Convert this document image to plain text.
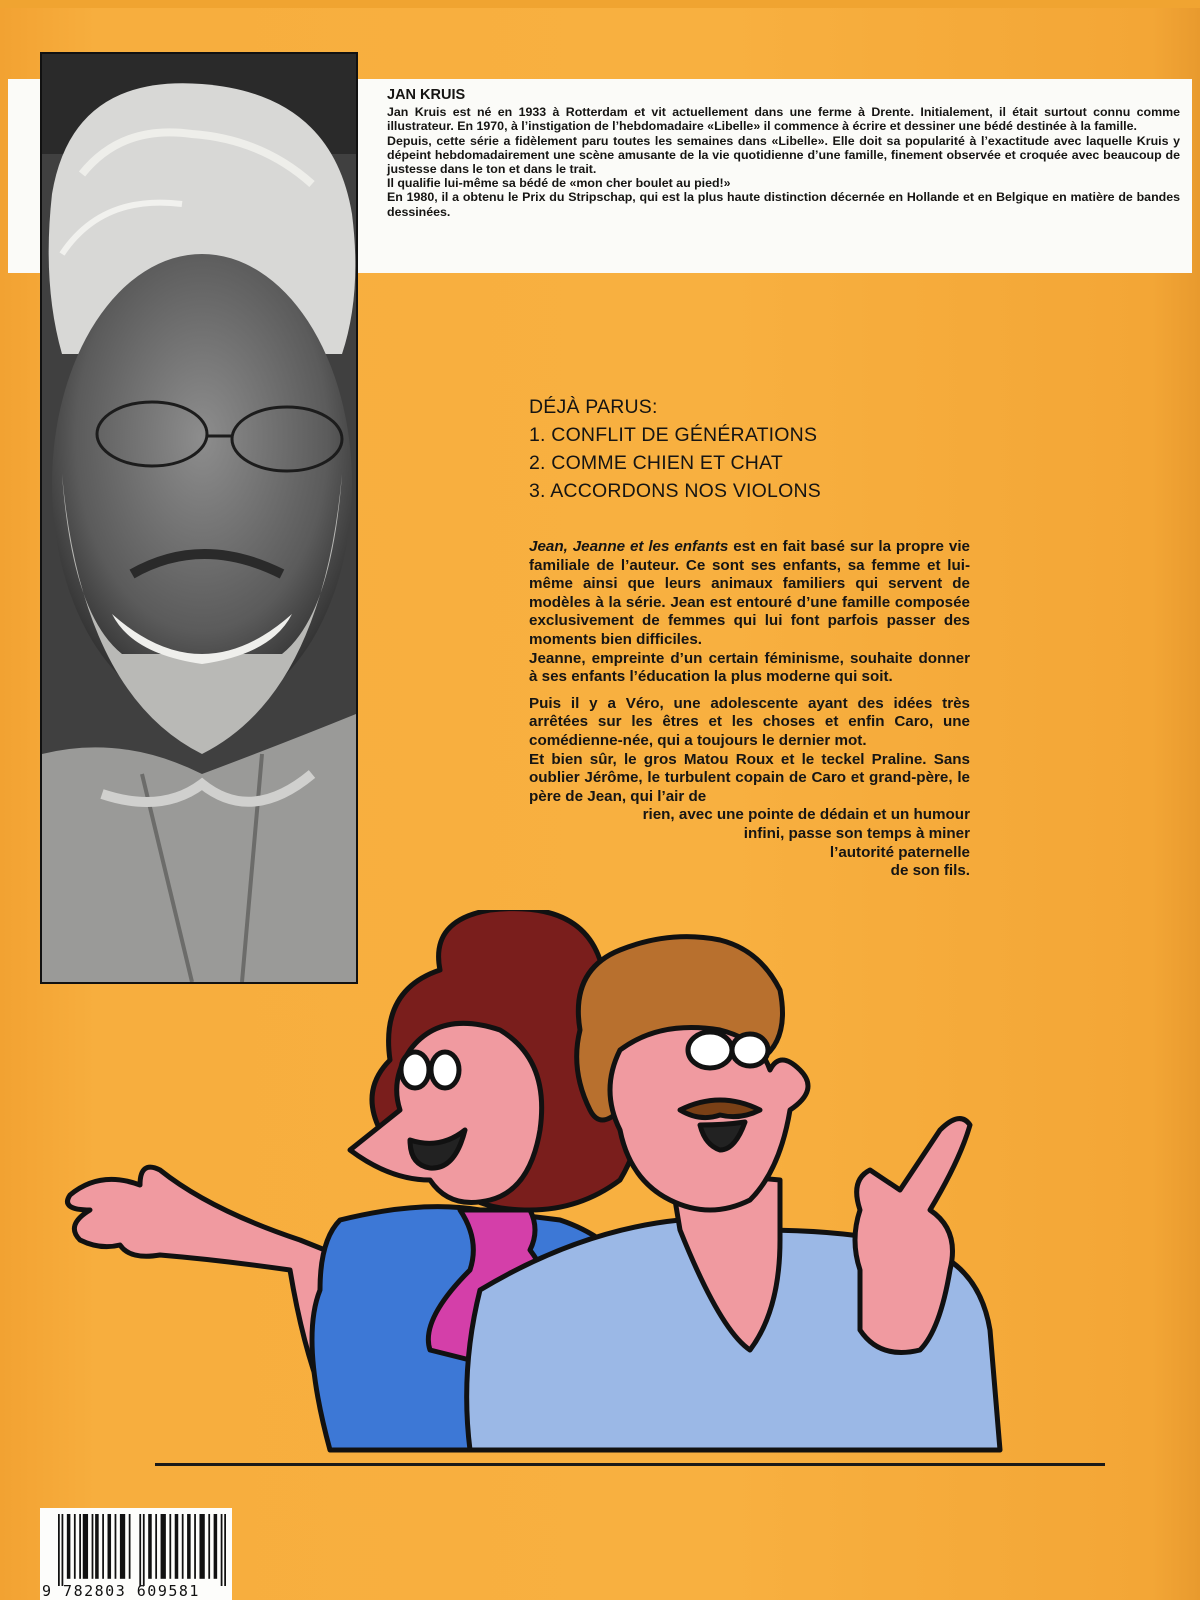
JAN KRUIS

Jan Kruis est né en 1933 à Rotterdam et vit actuellement dans une ferme à Drente. Initialement, il était surtout connu comme illustrateur. En 1970, à l’instigation de l’hebdomadaire «Libelle» il commence à écrire et dessiner une bédé destinée à la famille.

Depuis, cette série a fidèlement paru toutes les semaines dans «Libelle». Elle doit sa popularité à l’exactitude avec laquelle Kruis y dépeint hebdomadairement une scène amusante de la vie quotidienne d’une famille, finement observée et croquée avec beaucoup de justesse dans le ton et dans le trait.

Il qualifie lui-même sa bédé de «mon cher boulet au pied!»

En 1980, il a obtenu le Prix du Stripschap, qui est la plus haute distinction décernée en Hollande et en Belgique en matière de bandes dessinées.

DÉJÀ PARUS:
1. CONFLIT DE GÉNÉRATIONS
2. COMME CHIEN ET CHAT
3. ACCORDONS NOS VIOLONS

Jean, Jeanne et les enfants est en fait basé sur la propre vie familiale de l’auteur. Ce sont ses enfants, sa femme et lui-même ainsi que leurs animaux familiers qui servent de modèles à la série. Jean est entouré d’une famille composée exclusivement de femmes qui lui font parfois passer des moments bien difficiles.

Jeanne, empreinte d’un certain féminisme, souhaite donner à ses enfants l’éducation la plus moderne qui soit.

Puis il y a Véro, une adolescente ayant des idées très arrêtées sur les êtres et les choses et enfin Caro, une comédienne-née, qui a toujours le dernier mot.

Et bien sûr, le gros Matou Roux et le teckel Praline. Sans oublier Jérôme, le turbulent copain de Caro et grand-père, le père de Jean, qui l’air de

rien, avec une pointe de dédain et un humour

infini, passe son temps à miner

l’autorité paternelle

de son fils.

9 782803 609581
